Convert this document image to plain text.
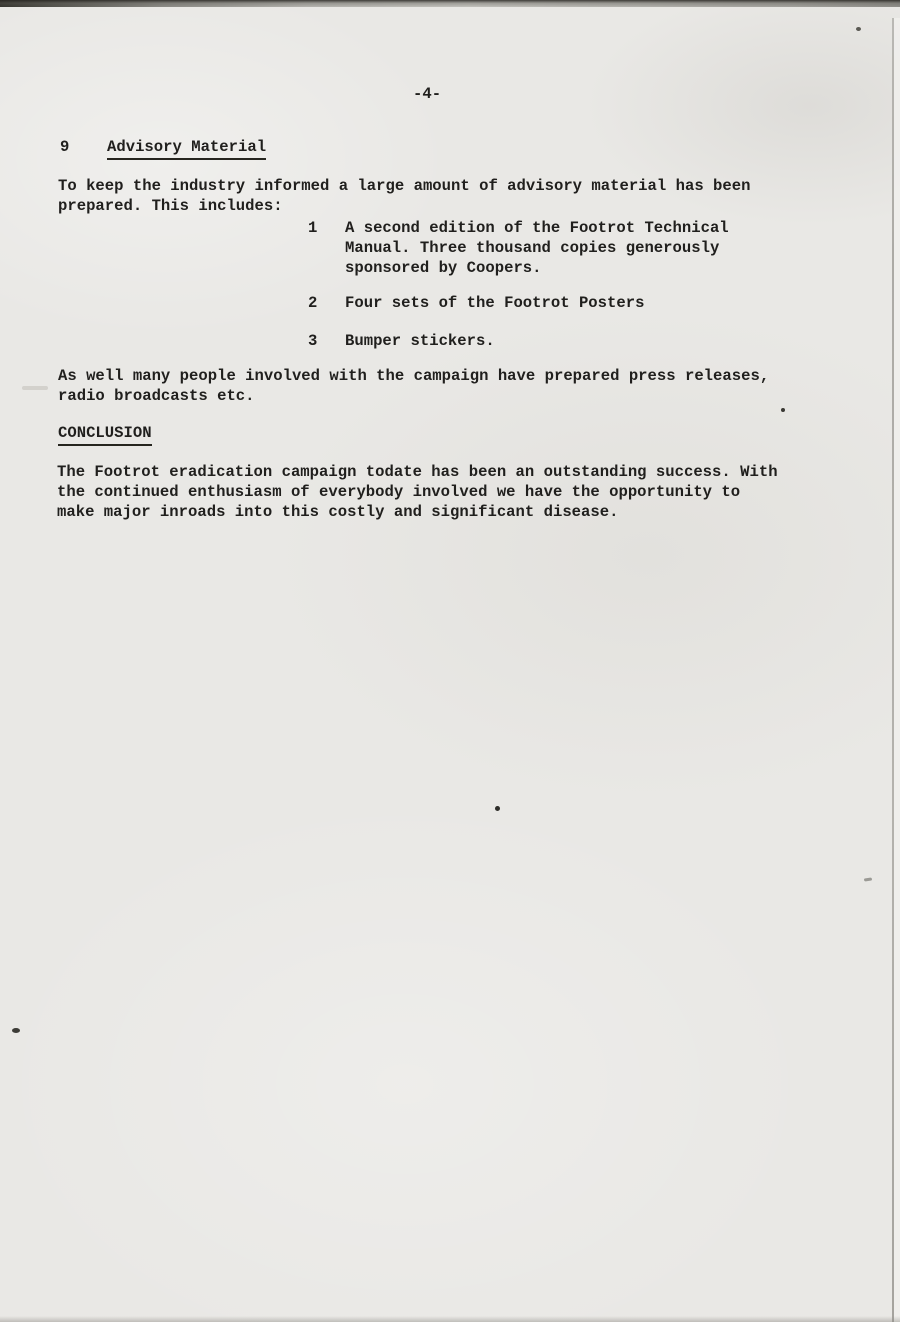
-4-
9 Advisory Material
To keep the industry informed a large amount of advisory material has been
prepared. This includes:
1 A second edition of the Footrot Technical
Manual. Three thousand copies generously
sponsored by Coopers.
2 Four sets of the Footrot Posters
3 Bumper stickers.
As well many people involved with the campaign have prepared press releases,
radio broadcasts etc.
CONCLUSION
The Footrot eradication campaign todate has been an outstanding success. With
the continued enthusiasm of everybody involved we have the opportunity to
make major inroads into this costly and significant disease.
